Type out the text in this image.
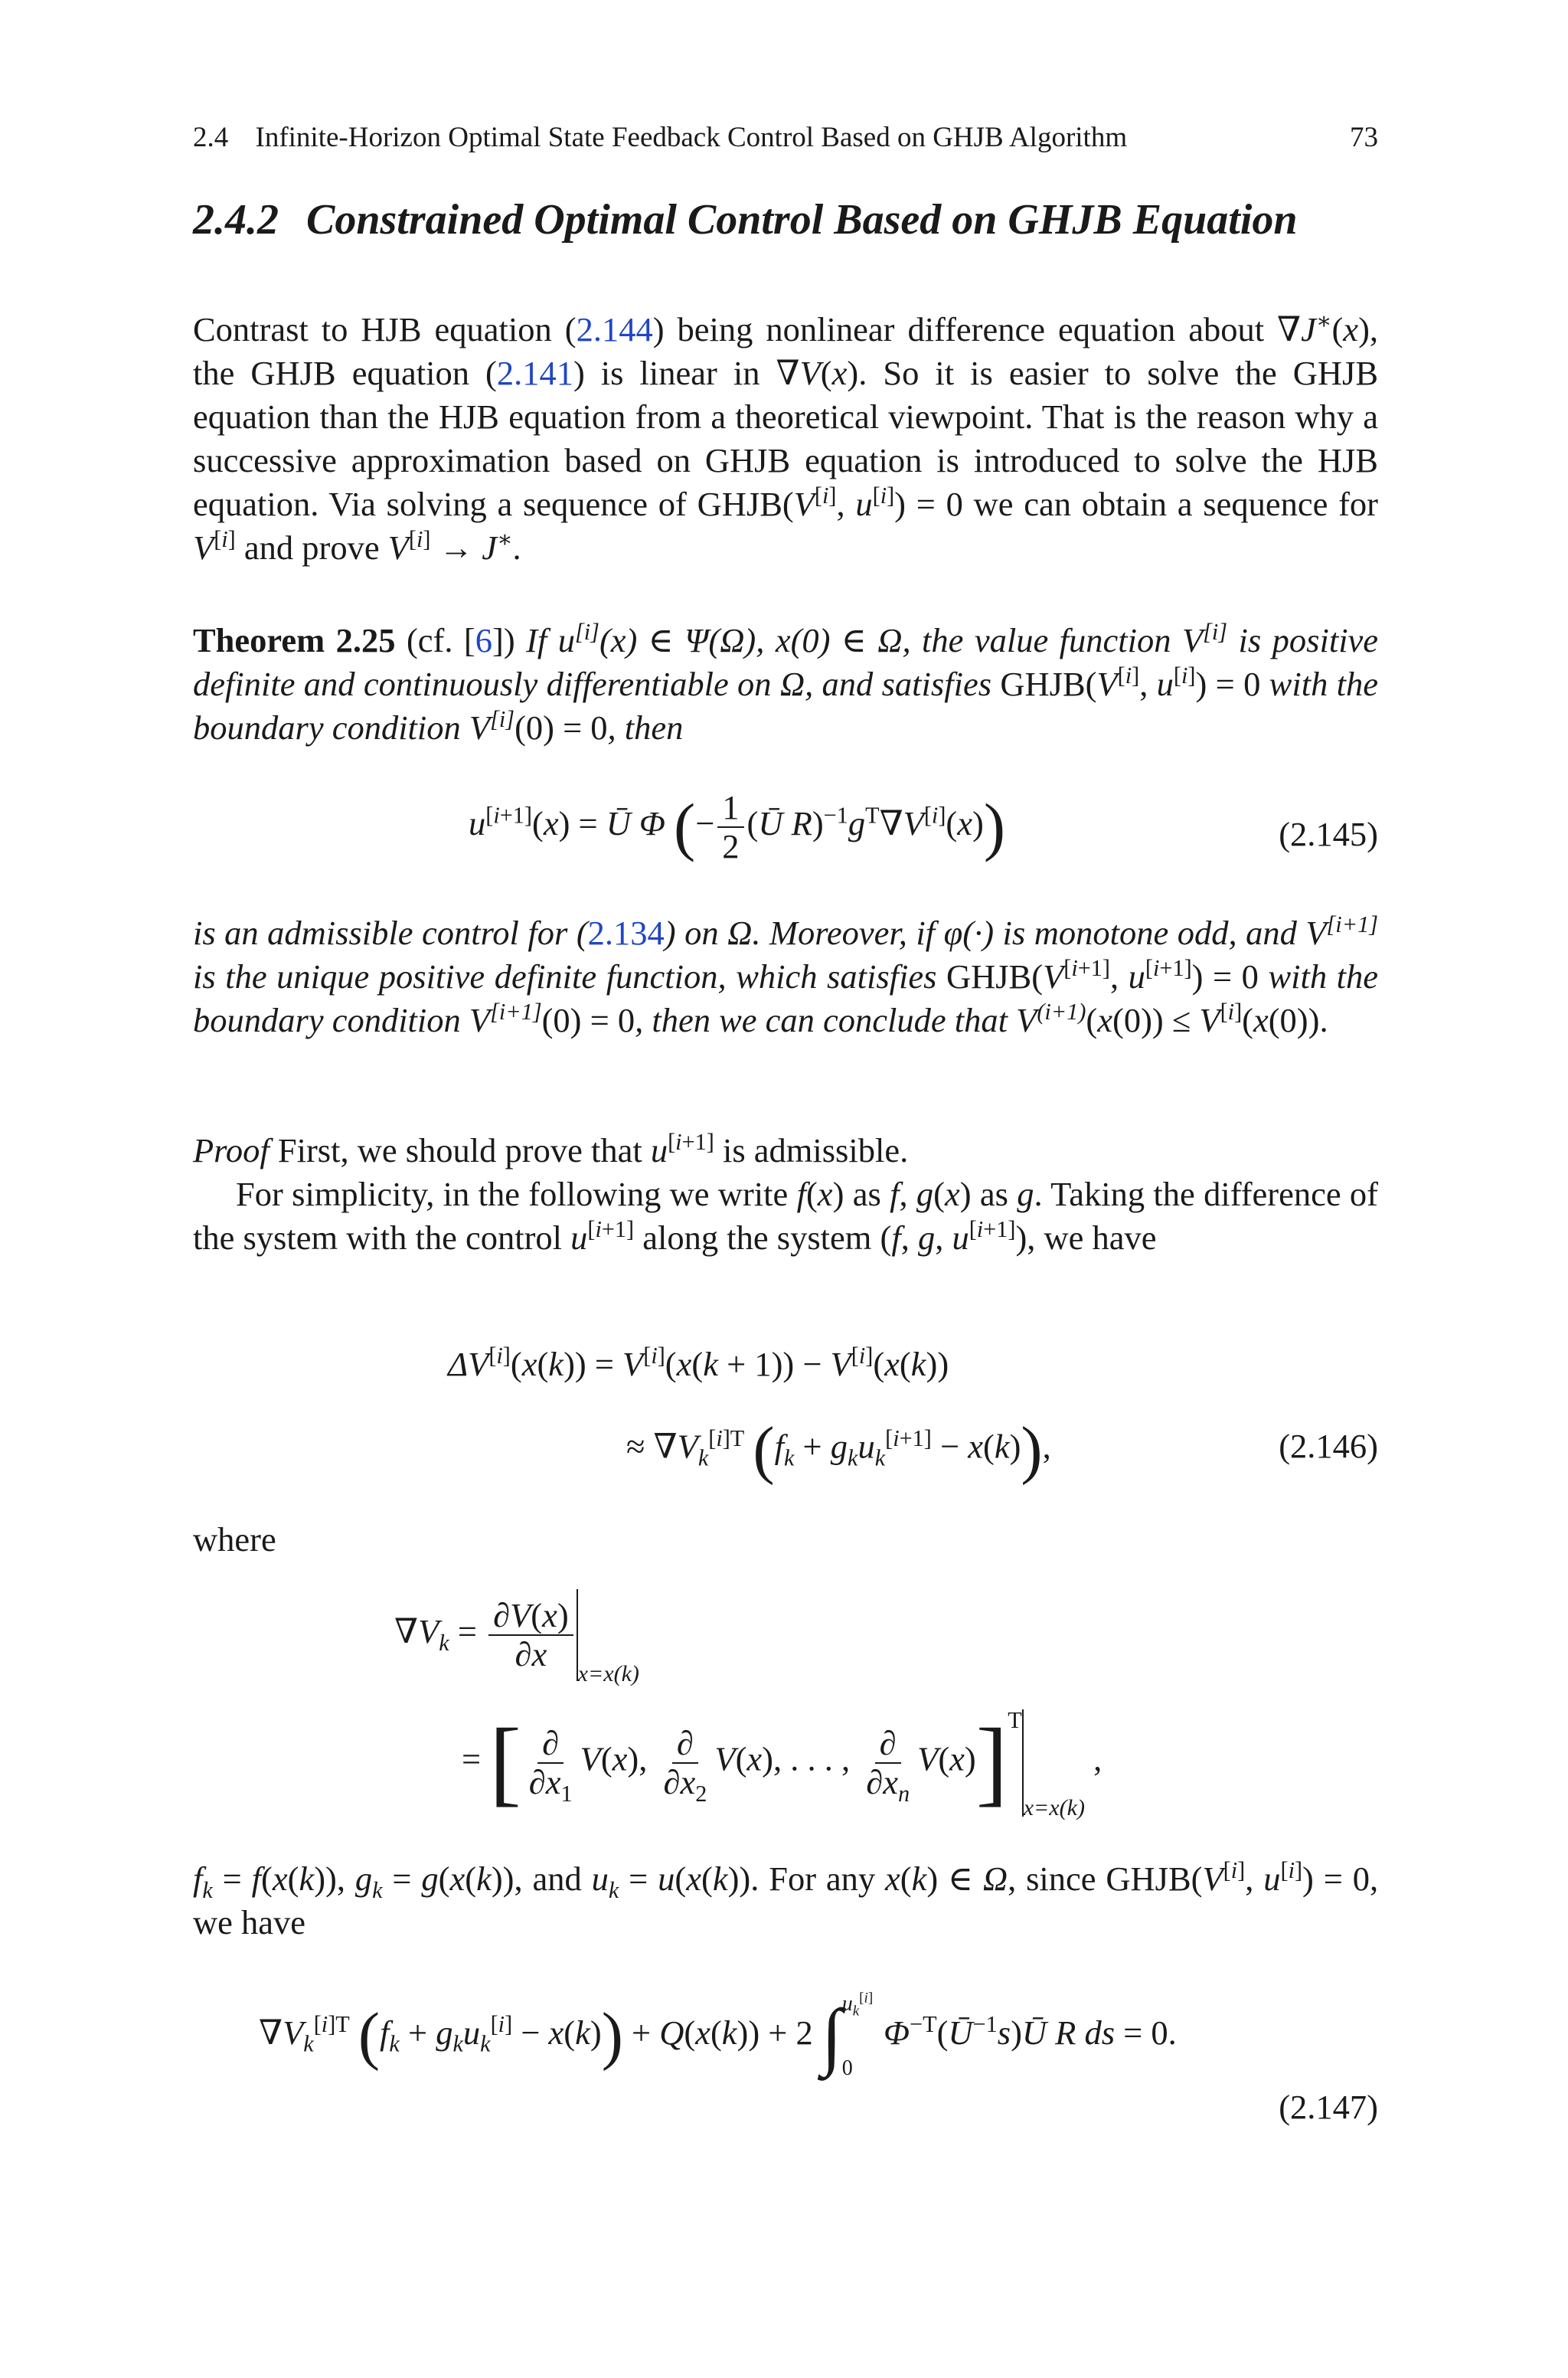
2.4 Infinite-Horizon Optimal State Feedback Control Based on GHJB Algorithm	73
2.4.2 Constrained Optimal Control Based on GHJB Equation
Contrast to HJB equation (2.144) being nonlinear difference equation about ∇J∗(x), the GHJB equation (2.141) is linear in ∇V(x). So it is easier to solve the GHJB equation than the HJB equation from a theoretical viewpoint. That is the reason why a successive approximation based on GHJB equation is introduced to solve the HJB equation. Via solving a sequence of GHJB(V[i], u[i]) = 0 we can obtain a sequence for V[i] and prove V[i] → J∗.
Theorem 2.25 (cf. [6]) If u[i](x) ∈ Ψ(Ω), x(0) ∈ Ω, the value function V[i] is positive definite and continuously differentiable on Ω, and satisfies GHJB(V[i], u[i]) = 0 with the boundary condition V[i](0) = 0, then
u[i+1](x) = Ū Φ (− $\frac{1}{2}$ (Ū $R)^{-1}g^T\nabla V[i](x)$)	(2.145)
is an admissible control for (2.134) on Ω. Moreover, if φ(·) is monotone odd, and V[i+1] is the unique positive definite function, which satisfies GHJB(V[i+1], u[i+1]) = 0 with the boundary condition V[i+1](0) = 0, then we can conclude that $V^{(i+1)}(x(0)) \le V[i](x(0))$.
Proof First, we should prove that u[i+1] is admissible.
For simplicity, in the following we write f(x) as f, g(x) as g. Taking the difference of the system with the control u[i+1] along the system (f, g, u[i+1]), we have
ΔV[i](x(k)) = V[i](x(k + 1)) − V[i](x(k))
≈ $\nabla V_k^{[i]T}$ $(f_k + g_ku_k[i+1] - x(k))$,	(2.146)
where
$\nabla V_k = \frac{\partial V(x)}{\partial x}$
$_{x=x(k)}$
= [ $\frac{\partial}{\partial x_1} V(x)$, $\frac{\partial}{\partial x_2} V(x)$, . . . , $\frac{\partial}{\partial x_n} V(x)]^T_{x=x(k)}$ ,
$f_k = f(x(k))$, $g_k = g(x(k))$, and $u_k = u(x(k))$. For any x(k) ∈ Ω, since GHJB(V[i], u[i]) = 0, we have
$\nabla V_k^{[i]T}$ $(f_k + g_ku_k[i] - x(k)) + Q(x(k)) + 2$ ∫ $u_k[i]$
0
$\Phi^{-T}(Ū^{-1}s)Ū$ R ds = 0.
(2.147)
